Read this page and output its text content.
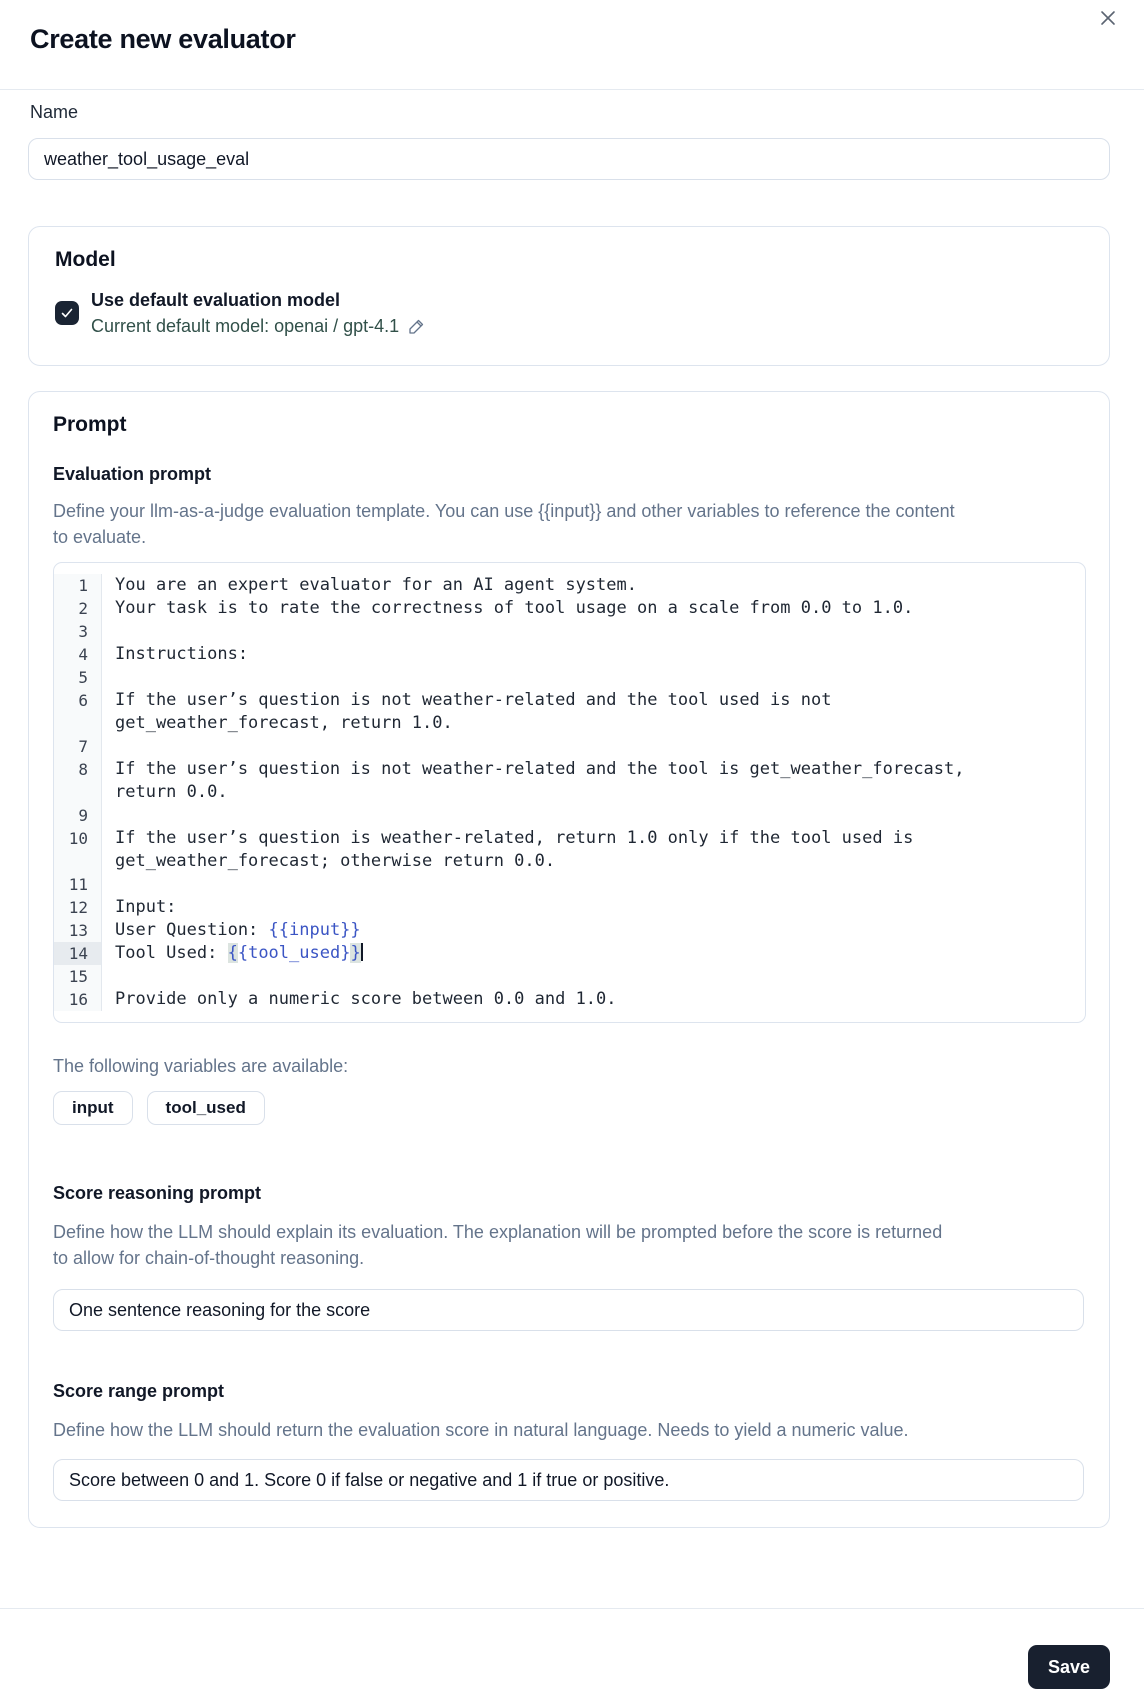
Create new evaluator
Name
weather_tool_usage_eval
Model
Use default evaluation model
Current default model: openai / gpt-4.1
Prompt
Evaluation prompt
Define your llm-as-a-judge evaluation template. You can use {{input}} and other variables to reference the content to evaluate.
1	You are an expert evaluator for an AI agent system.
2	Your task is to rate the correctness of tool usage on a scale from 0.0 to 1.0.
3

4	Instructions:
5

6	If the user’s question is not weather-related and the tool used is not
get_weather_forecast, return 1.0.
7

8	If the user’s question is not weather-related and the tool is get_weather_forecast,
return 0.0.
9

10	If the user’s question is weather-related, return 1.0 only if the tool used is
get_weather_forecast; otherwise return 0.0.
11

12	Input:
13	User Question: {{input}}
14	Tool Used: {{tool_used}}
15

16	Provide only a numeric score between 0.0 and 1.0.
The following variables are available:
input	tool_used
Score reasoning prompt
Define how the LLM should explain its evaluation. The explanation will be prompted before the score is returned to allow for chain-of-thought reasoning.
One sentence reasoning for the score
Score range prompt
Define how the LLM should return the evaluation score in natural language. Needs to yield a numeric value.
Score between 0 and 1. Score 0 if false or negative and 1 if true or positive.
Save
